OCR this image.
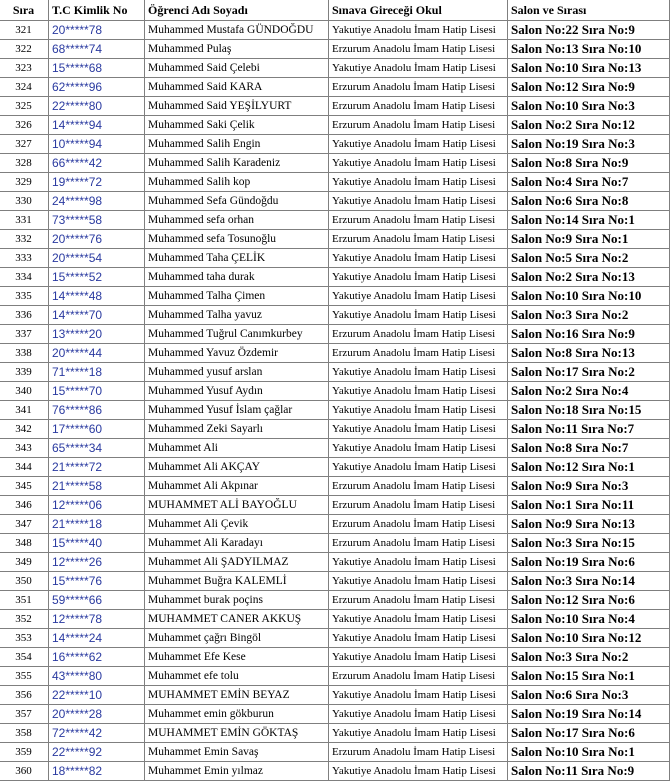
Sıra	T.C Kimlik No	Öğrenci Adı Soyadı	Sınava Gireceği Okul	Salon ve Sırası
321	20*****78	Muhammed Mustafa GÜNDOĞDU	Yakutiye Anadolu İmam Hatip Lisesi	Salon No:22 Sıra No:9
322	68*****74	Muhammed Pulaş	Erzurum Anadolu İmam Hatip Lisesi	Salon No:13 Sıra No:10
323	15*****68	Muhammed Said Çelebi	Yakutiye Anadolu İmam Hatip Lisesi	Salon No:10 Sıra No:13
324	62*****96	Muhammed Said KARA	Erzurum Anadolu İmam Hatip Lisesi	Salon No:12 Sıra No:9
325	22*****80	Muhammed Said YEŞİLYURT	Erzurum Anadolu İmam Hatip Lisesi	Salon No:10 Sıra No:3
326	14*****94	Muhammed Saki Çelik	Erzurum Anadolu İmam Hatip Lisesi	Salon No:2 Sıra No:12
327	10*****94	Muhammed Salih Engin	Yakutiye Anadolu İmam Hatip Lisesi	Salon No:19 Sıra No:3
328	66*****42	Muhammed Salih Karadeniz	Yakutiye Anadolu İmam Hatip Lisesi	Salon No:8 Sıra No:9
329	19*****72	Muhammed Salih kop	Yakutiye Anadolu İmam Hatip Lisesi	Salon No:4 Sıra No:7
330	24*****98	Muhammed Sefa Gündoğdu	Yakutiye Anadolu İmam Hatip Lisesi	Salon No:6 Sıra No:8
331	73*****58	Muhammed sefa orhan	Erzurum Anadolu İmam Hatip Lisesi	Salon No:14 Sıra No:1
332	20*****76	Muhammed sefa Tosunoğlu	Erzurum Anadolu İmam Hatip Lisesi	Salon No:9 Sıra No:1
333	20*****54	Muhammed Taha ÇELİK	Yakutiye Anadolu İmam Hatip Lisesi	Salon No:5 Sıra No:2
334	15*****52	Muhammed taha durak	Yakutiye Anadolu İmam Hatip Lisesi	Salon No:2 Sıra No:13
335	14*****48	Muhammed Talha Çimen	Yakutiye Anadolu İmam Hatip Lisesi	Salon No:10 Sıra No:10
336	14*****70	Muhammed Talha yavuz	Yakutiye Anadolu İmam Hatip Lisesi	Salon No:3 Sıra No:2
337	13*****20	Muhammed Tuğrul Canımkurbey	Erzurum Anadolu İmam Hatip Lisesi	Salon No:16 Sıra No:9
338	20*****44	Muhammed Yavuz Özdemir	Erzurum Anadolu İmam Hatip Lisesi	Salon No:8 Sıra No:13
339	71*****18	Muhammed yusuf arslan	Yakutiye Anadolu İmam Hatip Lisesi	Salon No:17 Sıra No:2
340	15*****70	Muhammed Yusuf Aydın	Yakutiye Anadolu İmam Hatip Lisesi	Salon No:2 Sıra No:4
341	76*****86	Muhammed Yusuf İslam çağlar	Yakutiye Anadolu İmam Hatip Lisesi	Salon No:18 Sıra No:15
342	17*****60	Muhammed Zeki Sayarlı	Yakutiye Anadolu İmam Hatip Lisesi	Salon No:11 Sıra No:7
343	65*****34	Muhammet Ali	Yakutiye Anadolu İmam Hatip Lisesi	Salon No:8 Sıra No:7
344	21*****72	Muhammet Ali AKÇAY	Yakutiye Anadolu İmam Hatip Lisesi	Salon No:12 Sıra No:1
345	21*****58	Muhammet Ali Akpınar	Erzurum Anadolu İmam Hatip Lisesi	Salon No:9 Sıra No:3
346	12*****06	MUHAMMET ALİ BAYOĞLU	Erzurum Anadolu İmam Hatip Lisesi	Salon No:1 Sıra No:11
347	21*****18	Muhammet Ali Çevik	Erzurum Anadolu İmam Hatip Lisesi	Salon No:9 Sıra No:13
348	15*****40	Muhammet Ali Karadayı	Erzurum Anadolu İmam Hatip Lisesi	Salon No:3 Sıra No:15
349	12*****26	Muhammet Ali ŞADYILMAZ	Yakutiye Anadolu İmam Hatip Lisesi	Salon No:19 Sıra No:6
350	15*****76	Muhammet Buğra KALEMLİ	Yakutiye Anadolu İmam Hatip Lisesi	Salon No:3 Sıra No:14
351	59*****66	Muhammet burak poçins	Erzurum Anadolu İmam Hatip Lisesi	Salon No:12 Sıra No:6
352	12*****78	MUHAMMET CANER AKKUŞ	Yakutiye Anadolu İmam Hatip Lisesi	Salon No:10 Sıra No:4
353	14*****24	Muhammet çağrı Bingöl	Yakutiye Anadolu İmam Hatip Lisesi	Salon No:10 Sıra No:12
354	16*****62	Muhammet Efe Kese	Yakutiye Anadolu İmam Hatip Lisesi	Salon No:3 Sıra No:2
355	43*****80	Muhammet efe tolu	Erzurum Anadolu İmam Hatip Lisesi	Salon No:15 Sıra No:1
356	22*****10	MUHAMMET EMİN BEYAZ	Yakutiye Anadolu İmam Hatip Lisesi	Salon No:6 Sıra No:3
357	20*****28	Muhammet emin gökburun	Yakutiye Anadolu İmam Hatip Lisesi	Salon No:19 Sıra No:14
358	72*****42	MUHAMMET EMİN GÖKTAŞ	Yakutiye Anadolu İmam Hatip Lisesi	Salon No:17 Sıra No:6
359	22*****92	Muhammet Emin Savaş	Erzurum Anadolu İmam Hatip Lisesi	Salon No:10 Sıra No:1
360	18*****82	Muhammet Emin yılmaz	Yakutiye Anadolu İmam Hatip Lisesi	Salon No:11 Sıra No:9
